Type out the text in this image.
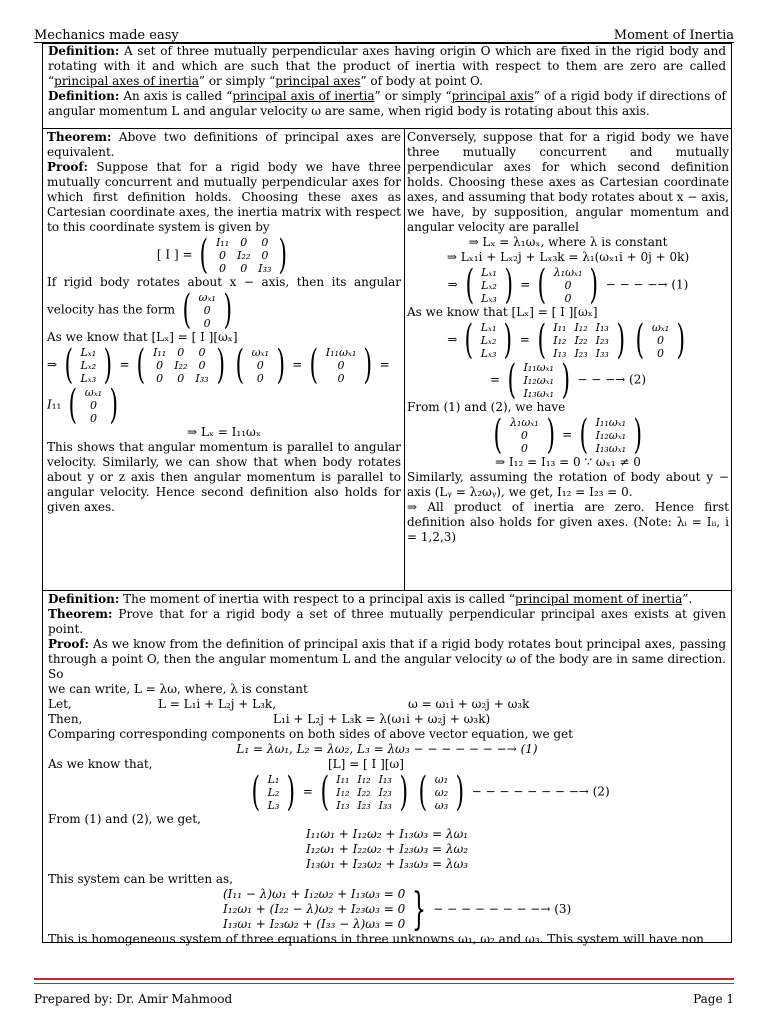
Mechanics made easy	Moment of Inertia
Definition: A set of three mutually perpendicular axes having origin O which are fixed in the rigid body and rotating with it and which are such that the product of inertia with respect to them are zero are called “principal axes of inertia” or simply “principal axes” of body at point O.
Definition: An axis is called “principal axis of inertia” or simply “principal axis” of a rigid body if directions of angular momentum L and angular velocity ω are same, when rigid body is rotating about this axis.
Theorem: Above two definitions of principal axes are equivalent.
Proof: Suppose that for a rigid body we have three mutually concurrent and mutually perpendicular axes for which first definition holds. Choosing these axes as Cartesian coordinate axes, the inertia matrix with respect to this coordinate system is given by
[ I ] = ( I₁₁	0	0
0	I₂₂	0
0	0	I₃₃ )
If rigid body rotates about x − axis, then its angular velocity has the form ( ωₓ₁
0
0 )
As we know that [Lₓ] = [ I ][ωₓ]
⇒ ( Lₓ₁
Lₓ₂
Lₓ₃ ) = ( I₁₁	0	0
0	I₂₂	0
0	0	I₃₃ )
( ωₓ₁
0
0 ) = ( I₁₁ωₓ₁
0
0 ) =
I₁₁ ( ωₓ₁
0
0 )
⇒ Lₓ = I₁₁ωₓ
This shows that angular momentum is parallel to angular velocity. Similarly, we can show that when body rotates about y or z axis then angular momentum is parallel to angular velocity. Hence second definition also holds for given axes.
Conversely, suppose that for a rigid body we have three mutually concurrent and mutually perpendicular axes for which second definition holds. Choosing these axes as Cartesian coordinate axes, and assuming that body rotates about x − axis, we have, by supposition, angular momentum and angular velocity are parallel
⇒ Lₓ = λ₁ωₓ, where λ is constant
⇒ Lₓ₁i + Lₓ₂j + Lₓ₃k = λ₁(ωₓ₁i + 0j + 0k)
⇒ ( Lₓ₁
Lₓ₂
Lₓ₃ ) = ( λ₁ωₓ₁
0
0 ) − − − −→ (1)
As we know that [Lₓ] = [ I ][ωₓ]
⇒ ( Lₓ₁
Lₓ₂
Lₓ₃ ) = ( I₁₁	I₁₂	I₁₃
I₁₂	I₂₂	I₂₃
I₁₃	I₂₃	I₃₃ )
( ωₓ₁
0
0 )
= ( I₁₁ωₓ₁
I₁₂ωₓ₁
I₁₃ωₓ₁ ) − − −→ (2)
From (1) and (2), we have
( λ₁ωₓ₁
0
0 ) = ( I₁₁ωₓ₁
I₁₂ωₓ₁
I₁₃ωₓ₁ )
⇒ I₁₂ = I₁₃ = 0 ∵ ωₓ₁ ≠ 0
Similarly, assuming the rotation of body about y − axis (Lᵧ = λ₂ωᵧ), we get, I₁₂ = I₂₃ = 0.
⇒ All product of inertia are zero. Hence first definition also holds for given axes. (Note: λᵢ = Iᵢᵢ, i = 1,2,3)
Definition: The moment of inertia with respect to a principal axis is called “principal moment of inertia”.
Theorem: Prove that for a rigid body a set of three mutually perpendicular principal axes exists at given point.
Proof: As we know from the definition of principal axis that if a rigid body rotates bout principal axes, passing through a point O, then the angular momentum L and the angular velocity ω of the body are in same direction. So
we can write, L = λω, where, λ is constant
Let,	L = L₁i + L₂j + L₃k,	ω = ω₁i + ω₂j + ω₃k
Then,	L₁i + L₂j + L₃k = λ(ω₁i + ω₂j + ω₃k)
Comparing corresponding components on both sides of above vector equation, we get
L₁ = λω₁, L₂ = λω₂, L₃ = λω₃ − − − − − − −→ (1)
As we know that,	[L] = [ I ][ω]
( L₁
L₂
L₃ ) = ( I₁₁	I₁₂	I₁₃
I₁₂	I₂₂	I₂₃
I₁₃	I₂₃	I₃₃ )
( ω₁
ω₂
ω₃ ) − − − − − − − −→ (2)
From (1) and (2), we get,
I₁₁ω₁ + I₁₂ω₂ + I₁₃ω₃ = λω₁
I₁₂ω₁ + I₂₂ω₂ + I₂₃ω₃ = λω₂
I₁₃ω₁ + I₂₃ω₂ + I₃₃ω₃ = λω₃
This system can be written as,
(I₁₁ − λ)ω₁ + I₁₂ω₂ + I₁₃ω₃ = 0
I₁₂ω₁ + (I₂₂ − λ)ω₂ + I₂₃ω₃ = 0
I₁₃ω₁ + I₂₃ω₂ + (I₃₃ − λ)ω₃ = 0 } − − − − − − − −→ (3)
This is homogeneous system of three equations in three unknowns ω₁, ω₂ and ω₃. This system will have non
Prepared by: Dr. Amir Mahmood	Page 1
